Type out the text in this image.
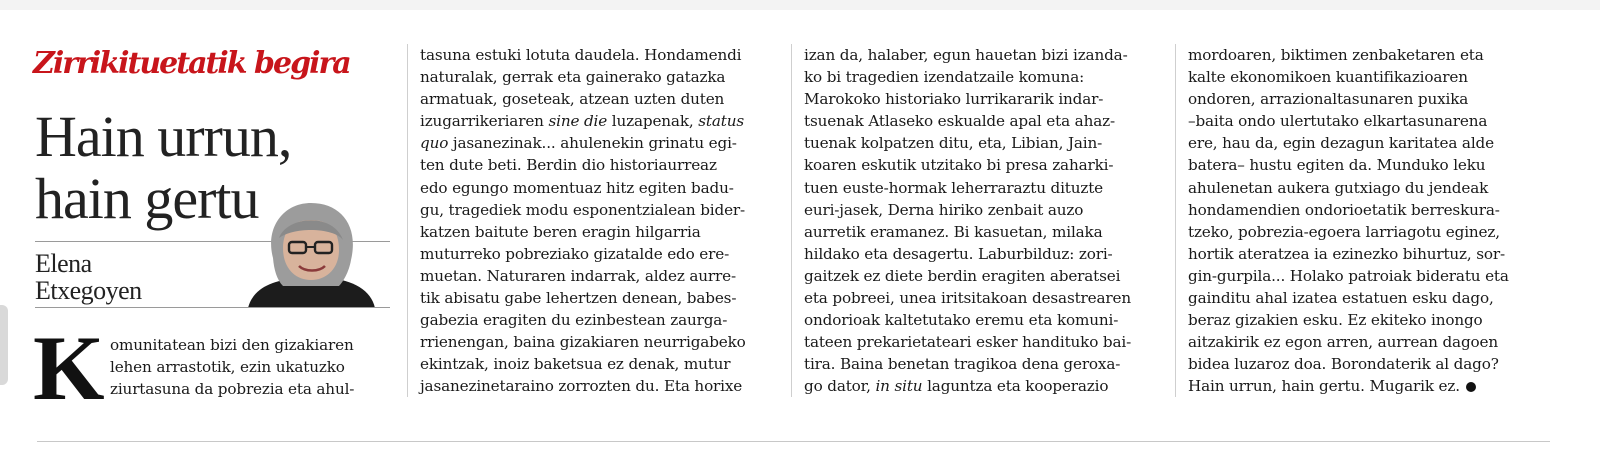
Zirrikituetatik begira
Hain urrun,
hain gertu
Elena
Etxegoyen
K omunitatean bizi den gizakiaren
lehen arrastotik, ezin ukatuzko
ziurtasuna da pobrezia eta ahul-
tasuna estuki lotuta daudela. Hondamendi
naturalak, gerrak eta gainerako gatazka
armatuak, goseteak, atzean uzten duten
izugarrikeriaren sine die luzapenak, status
quo jasanezinak... ahulenekin grinatu egi-
ten dute beti. Berdin dio historiaurreaz
edo egungo momentuaz hitz egiten badu-
gu, tragediek modu esponentzialean bider-
katzen baitute beren eragin hilgarria
muturreko pobreziako gizatalde edo ere-
muetan. Naturaren indarrak, aldez aurre-
tik abisatu gabe lehertzen denean, babes-
gabezia eragiten du ezinbestean zaurga-
rrienengan, baina gizakiaren neurrigabeko
ekintzak, inoiz baketsua ez denak, mutur
jasanezinetaraino zorrozten du. Eta horixe
izan da, halaber, egun hauetan bizi izanda-
ko bi tragedien izendatzaile komuna:
Marokoko historiako lurrikararik indar-
tsuenak Atlaseko eskualde apal eta ahaz-
tuenak kolpatzen ditu, eta, Libian, Jain-
koaren eskutik utzitako bi presa zaharki-
tuen euste-hormak leherraraztu dituzte
euri-jasek, Derna hiriko zenbait auzo
aurretik eramanez. Bi kasuetan, milaka
hildako eta desagertu. Laburbilduz: zori-
gaitzek ez diete berdin eragiten aberatsei
eta pobreei, unea iritsitakoan desastrearen
ondorioak kaltetutako eremu eta komuni-
tateen prekarietateari esker handituko bai-
tira. Baina benetan tragikoa dena geroxa-
go dator, in situ laguntza eta kooperazio
mordoaren, biktimen zenbaketaren eta
kalte ekonomikoen kuantifikazioaren
ondoren, arrazionaltasunaren puxika
–baita ondo ulertutako elkartasunarena
ere, hau da, egin dezagun karitatea alde
batera– hustu egiten da. Munduko leku
ahulenetan aukera gutxiago du jendeak
hondamendien ondorioetatik berreskura-
tzeko, pobrezia-egoera larriagotu eginez,
hortik ateratzea ia ezinezko bihurtuz, sor-
gin-gurpila... Holako patroiak bideratu eta
gainditu ahal izatea estatuen esku dago,
beraz gizakien esku. Ez ekiteko inongo
aitzakirik ez egon arren, aurrean dagoen
bidea luzaroz doa. Borondaterik al dago?
Hain urrun, hain gertu. Mugarik ez.
